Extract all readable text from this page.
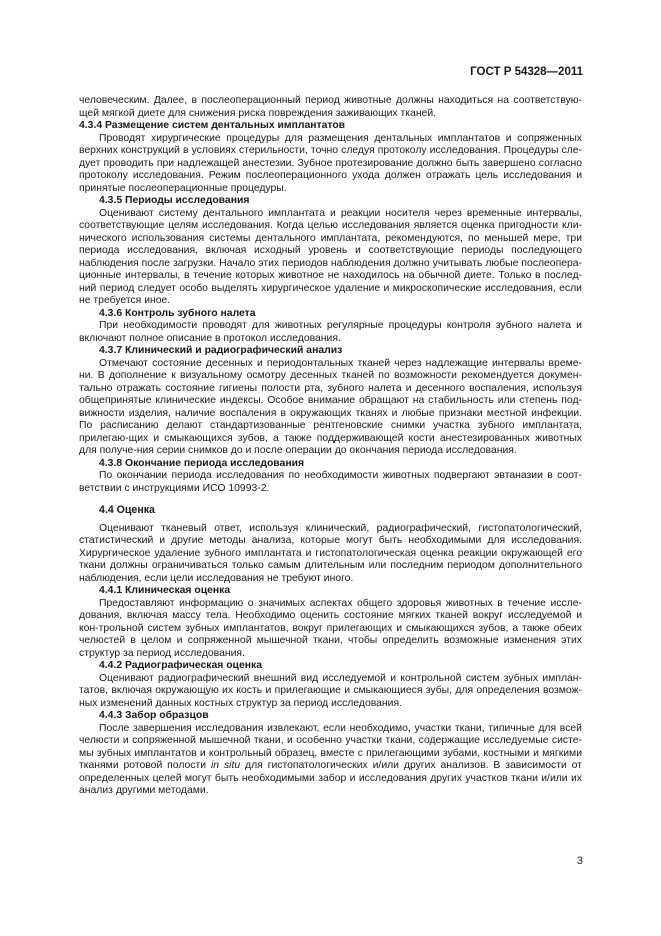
ГОСТ Р 54328—2011

человеческим. Далее, в послеоперационный период животные должны находиться на соответствую-щей мягкой диете для снижения риска повреждения заживающих тканей.

4.3.4 Размещение систем дентальных имплантатов

Проводят хирургические процедуры для размещения дентальных имплантатов и сопряженных верхних конструкций в условиях стерильности, точно следуя протоколу исследования. Процедуры сле-дует проводить при надлежащей анестезии. Зубное протезирование должно быть завершено согласно протоколу исследования. Режим послеоперационного ухода должен отражать цель исследования и принятые послеоперационные процедуры.

4.3.5 Периоды исследования

Оценивают систему дентального имплантата и реакции носителя через временные интервалы, соответствующие целям исследования. Когда целью исследования является оценка пригодности кли-нического использования системы дентального имплантата, рекомендуются, по меньшей мере, три периода исследования, включая исходный уровень и соответствующие периоды последующего наблюдения после загрузки. Начало этих периодов наблюдения должно учитывать любые послеопера-ционные интервалы, в течение которых животное не находилось на обычной диете. Только в послед-ний период следует особо выделять хирургическое удаление и микроскопические исследования, если не требуется иное.

4.3.6 Контроль зубного налета

При необходимости проводят для животных регулярные процедуры контроля зубного налета и включают полное описание в протокол исследования.

4.3.7 Клинический и радиографический анализ

Отмечают состояние десенных и периодонтальных тканей через надлежащие интервалы време-ни. В дополнение к визуальному осмотру десенных тканей по возможности рекомендуется докумен-тально отражать состояние гигиены полости рта, зубного налета и десенного воспаления, используя общепринятые клинические индексы. Особое внимание обращают на стабильность или степень под-вижности изделия, наличие воспаления в окружающих тканях и любые признаки местной инфекции. По расписанию делают стандартизованные рентгеновские снимки участка зубного имплантата, прилегаю-щих и смыкающихся зубов, а также поддерживающей кости анестезированных животных для получе-ния серии снимков до и после операции до окончания периода исследования.

4.3.8 Окончание периода исследования

По окончании периода исследования по необходимости животных подвергают эвтаназии в соот-ветствии с инструкциями ИСО 10993-2.

4.4 Оценка

Оценивают тканевый ответ, используя клинический, радиографический, гистопатологический, статистический и другие методы анализа, которые могут быть необходимыми для исследования. Хирургическое удаление зубного имплантата и гистопатологическая оценка реакции окружающей его ткани должны ограничиваться только самым длительным или последним периодом дополнительного наблюдения, если цели исследования не требуют иного.

4.4.1 Клиническая оценка

Предоставляют информацию о значимых аспектах общего здоровья животных в течение иссле-дования, включая массу тела. Необходимо оценить состояние мягких тканей вокруг исследуемой и кон-трольной систем зубных имплантатов, вокруг прилегающих и смыкающихся зубов, а также обеих челюстей в целом и сопряженной мышечной ткани, чтобы определить возможные изменения этих структур за период исследования.

4.4.2 Радиографическая оценка

Оценивают радиографический внешний вид исследуемой и контрольной систем зубных имплан-татов, включая окружающую их кость и прилегающие и смыкающиеся зубы, для определения возмож-ных изменений данных костных структур за период исследования.

4.4.3 Забор образцов

После завершения исследования извлекают, если необходимо, участки ткани, типичные для всей челюсти и сопряженной мышечной ткани, и особенно участки ткани, содержащие исследуемые систе-мы зубных имплантатов и контрольный образец, вместе с прилегающими зубами, костными и мягкими тканями ротовой полости in situ для гистопатологических и/или других анализов. В зависимости от определенных целей могут быть необходимыми забор и исследования других участков ткани и/или их анализ другими методами.

3
